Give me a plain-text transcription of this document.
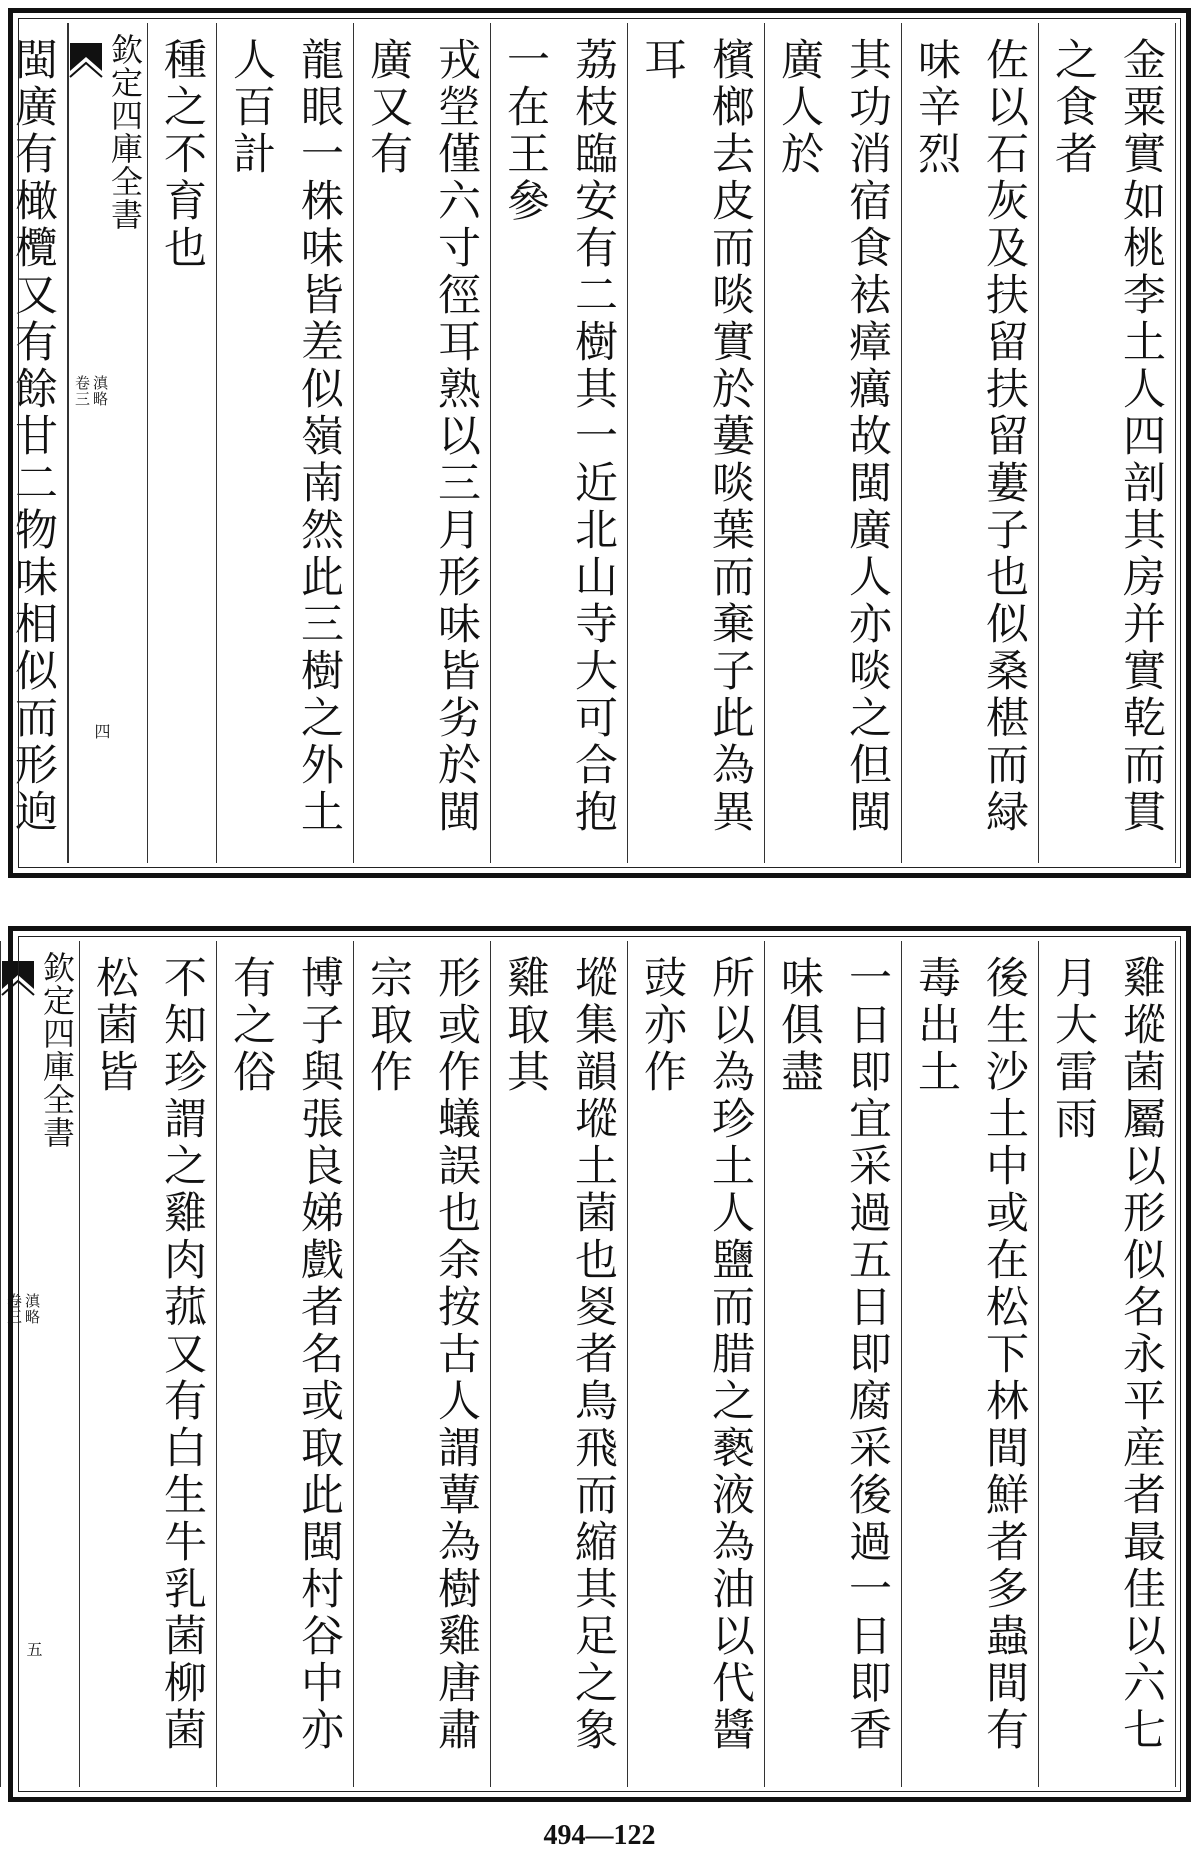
金粟實如桃李土人四剖其房并實乾而貫之食者
佐以石灰及扶留扶留蔞子也似桑椹而緑味辛烈
其功消宿食袪瘴癘故閩廣人亦啖之但閩廣人於
檳榔去皮而啖實於蔞啖葉而棄子此為異耳
荔枝臨安有二樹其一近北山寺大可合抱一在王參
戎塋僅六寸徑耳熟以三月形味皆劣於閩廣又有
龍眼一株味皆差似嶺南然此三樹之外土人百計
種之不育也
欽定四庫全書
滇略
卷三
四
閩廣有橄欖又有餘甘二物味相似而形逈
雞㙡菌屬以形似名永平産者最佳以六七月大雷雨
後生沙土中或在松下林間鮮者多蟲間有毒出土
一日即宜采過五日即腐采後過一日即香味俱盡
所以為珍土人鹽而腊之褻液為油以代醬豉亦作
㙡集韻㙡土菌也㚇者鳥飛而縮其足之象雞取其
形或作蟻誤也余按古人謂蕈為樹雞唐肅宗取作
博子與張良娣戲者名或取此閩村谷中亦有之俗
不知珍謂之雞肉菰又有白生牛乳菌柳菌松菌皆
欽定四庫全書
滇略
卷三
五
494—122
